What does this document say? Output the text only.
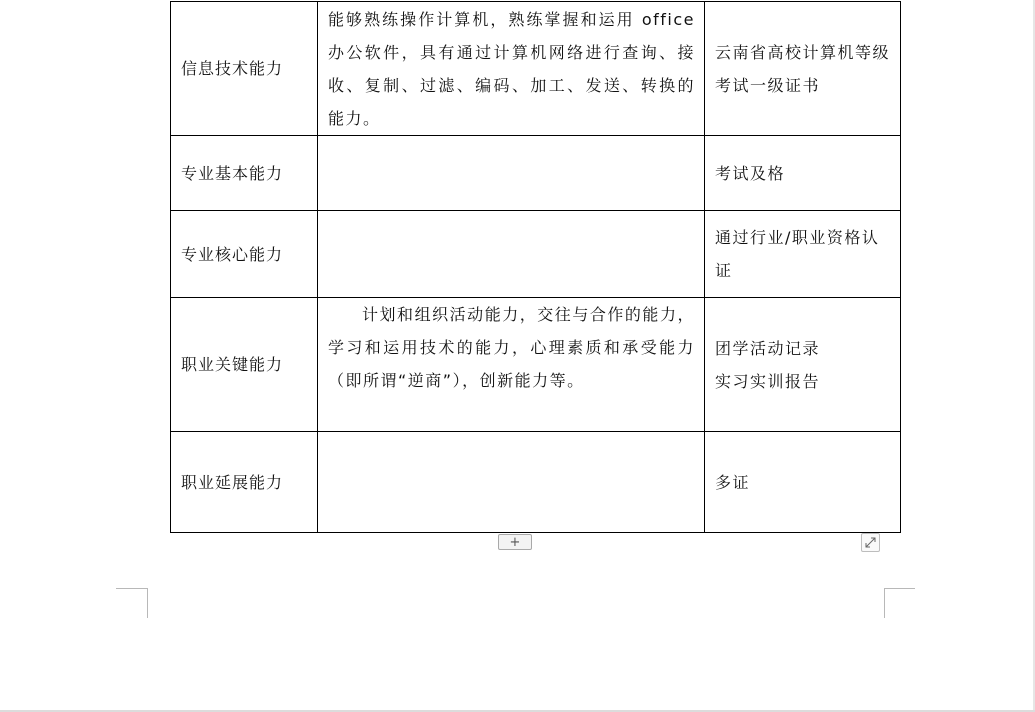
信息技术能力	能够熟练操作计算机，熟练掌握和运用 office 办公软件，具有通过计算机网络进行查询、接收、复制、过滤、编码、加工、发送、转换的能力。	云南省高校计算机等级考试一级证书

专业基本能力		考试及格

专业核心能力		通过行业/职业资格认证

职业关键能力	计划和组织活动能力，交往与合作的能力，学习和运用技术的能力，心理素质和承受能力（即所谓“逆商”），创新能力等。	团学活动记录
实习实训报告

职业延展能力		多证
+
